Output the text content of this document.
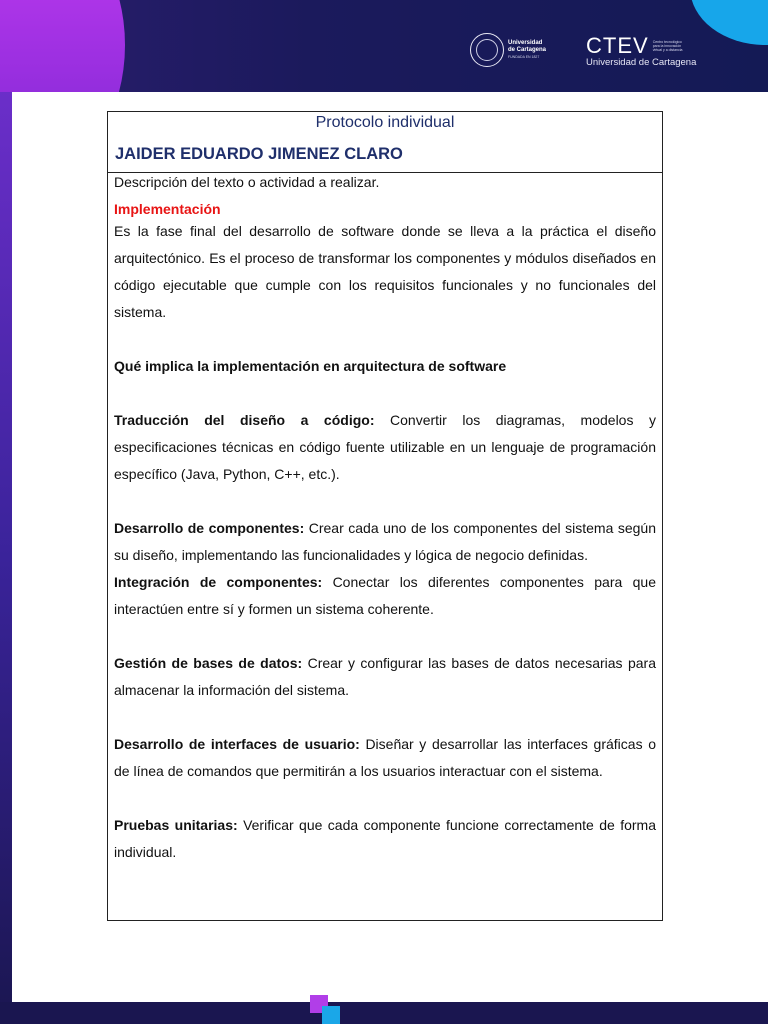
Universidad
de Cartagena
FUNDADA EN 1827	CTEV Centro tecnológico para la innovación virtual y a distancia
Universidad de Cartagena
Protocolo individual
JAIDER EDUARDO JIMENEZ CLARO
Descripción del texto o actividad a realizar.
Implementación

Es la fase final del desarrollo de software donde se lleva a la práctica el diseño arquitectónico. Es el proceso de transformar los componentes y módulos diseñados en código ejecutable que cumple con los requisitos funcionales y no funcionales del sistema.

Qué implica la implementación en arquitectura de software

Traducción del diseño a código: Convertir los diagramas, modelos y especificaciones técnicas en código fuente utilizable en un lenguaje de programación específico (Java, Python, C++, etc.).

Desarrollo de componentes: Crear cada uno de los componentes del sistema según su diseño, implementando las funcionalidades y lógica de negocio definidas.

Integración de componentes: Conectar los diferentes componentes para que interactúen entre sí y formen un sistema coherente.

Gestión de bases de datos: Crear y configurar las bases de datos necesarias para almacenar la información del sistema.

Desarrollo de interfaces de usuario: Diseñar y desarrollar las interfaces gráficas o de línea de comandos que permitirán a los usuarios interactuar con el sistema.

Pruebas unitarias: Verificar que cada componente funcione correctamente de forma individual.
